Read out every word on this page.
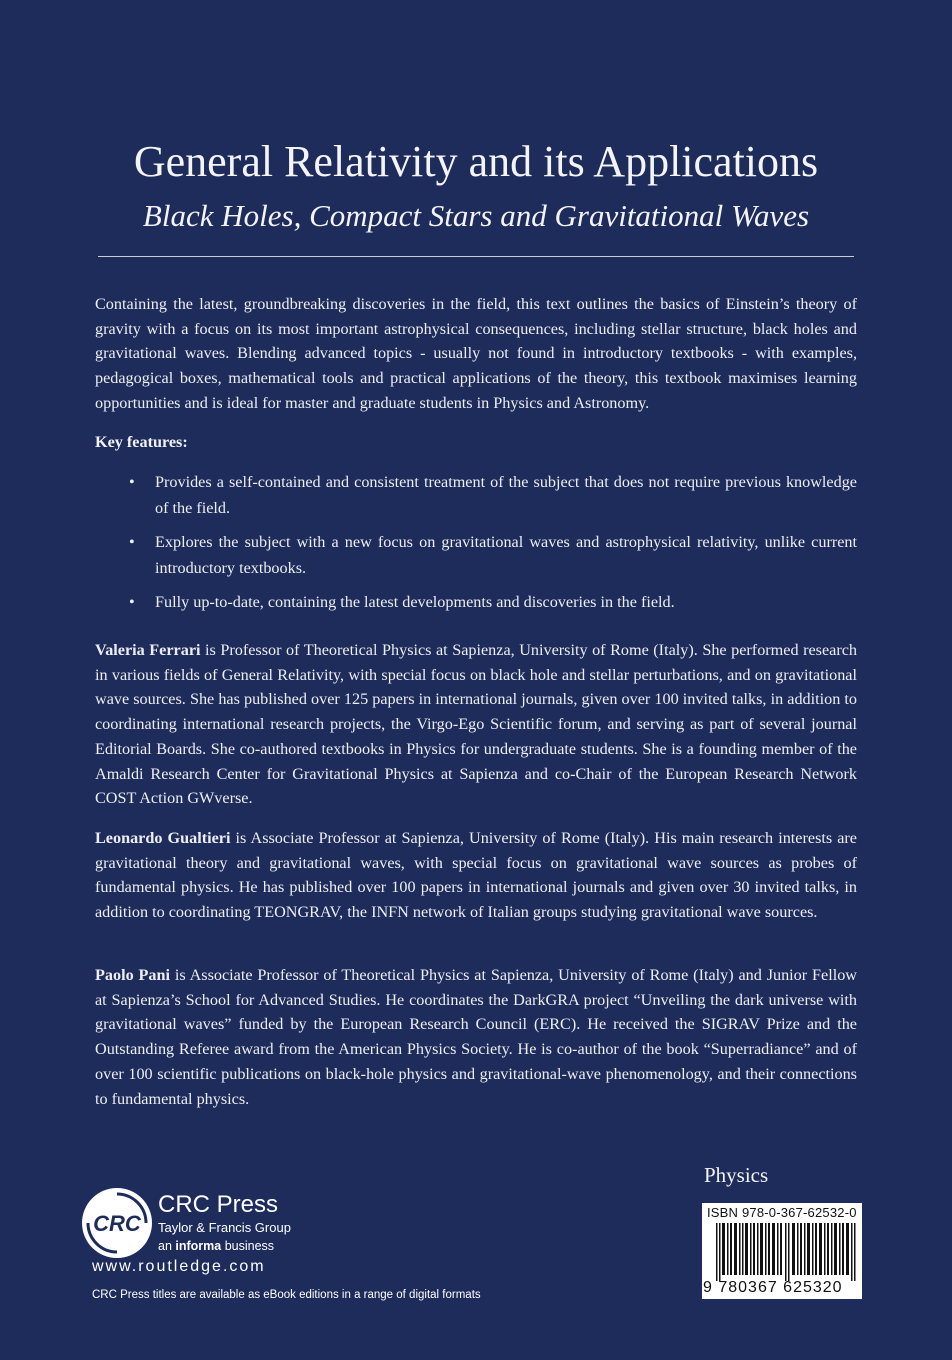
General Relativity and its Applications
Black Holes, Compact Stars and Gravitational Waves

Containing the latest, groundbreaking discoveries in the field, this text outlines the basics of Einstein’s theory of gravity with a focus on its most important astrophysical consequences, including stellar structure, black holes and gravitational waves. Blending advanced topics - usually not found in introductory textbooks - with examples, pedagogical boxes, mathematical tools and practical applications of the theory, this textbook maximises learning opportunities and is ideal for master and graduate students in Physics and Astronomy.

Key features:
• Provides a self-contained and consistent treatment of the subject that does not require previous knowledge of the field.
• Explores the subject with a new focus on gravitational waves and astrophysical relativity, unlike current introductory textbooks.
• Fully up-to-date, containing the latest developments and discoveries in the field.

Valeria Ferrari is Professor of Theoretical Physics at Sapienza, University of Rome (Italy). She performed research in various fields of General Relativity, with special focus on black hole and stellar perturbations, and on gravitational wave sources. She has published over 125 papers in international journals, given over 100 invited talks, in addition to coordinating international research projects, the Virgo-Ego Scientific forum, and serving as part of several journal Editorial Boards. She co-authored textbooks in Physics for undergraduate students. She is a founding member of the Amaldi Research Center for Gravitational Physics at Sapienza and co-Chair of the European Research Network COST Action GWverse.

Leonardo Gualtieri is Associate Professor at Sapienza, University of Rome (Italy). His main research interests are gravitational theory and gravitational waves, with special focus on gravitational wave sources as probes of fundamental physics. He has published over 100 papers in international journals and given over 30 invited talks, in addition to coordinating TEONGRAV, the INFN network of Italian groups studying gravitational wave sources.

Paolo Pani is Associate Professor of Theoretical Physics at Sapienza, University of Rome (Italy) and Junior Fellow at Sapienza’s School for Advanced Studies. He coordinates the DarkGRA project “Unveiling the dark universe with gravitational waves” funded by the European Research Council (ERC). He received the SIGRAV Prize and the Outstanding Referee award from the American Physics Society. He is co-author of the book “Superradiance” and of over 100 scientific publications on black-hole physics and gravitational-wave phenomenology, and their connections to fundamental physics.

Physics
ISBN 978-0-367-62532-0
9 780367 625320
CRC
CRC Press
Taylor & Francis Group
an informa business
www.routledge.com
CRC Press titles are available as eBook editions in a range of digital formats
